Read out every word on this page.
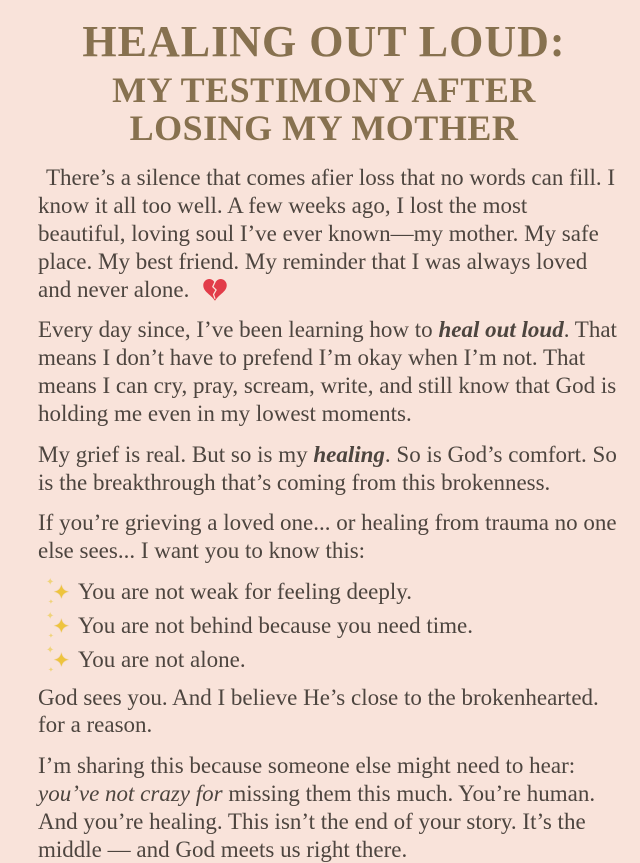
HEALING OUT LOUD:
MY TESTIMONY AFTER
LOSING MY MOTHER

There’s a silence that comes afier loss that no words can fill. I know it all too well. A few weeks ago, I lost the most beautiful, loving soul I’ve ever known—my mother. My safe place. My best friend. My reminder that I was always loved and never alone.

Every day since, I’ve been learning how to heal out loud. That means I don’t have to prefend I’m okay when I’m not. That means I can cry, pray, scream, write, and still know that God is holding me even in my lowest moments.

My grief is real. But so is my healing. So is God’s comfort. So is the breakthrough that’s coming from this brokenness.

If you’re grieving a loved one... or healing from trauma no one else sees... I want you to know this:

✦
✦
✦ You are not weak for feeling deeply.
✦
✦
✦ You are not behind because you need time.
✦
✦
✦ You are not alone.

God sees you. And I believe He’s close to the brokenhearted. for a reason.

I’m sharing this because someone else might need to hear: you’ve not crazy for missing them this much. You’re human. And you’re healing. This isn’t the end of your story. It’s the middle — and God meets us right there.
